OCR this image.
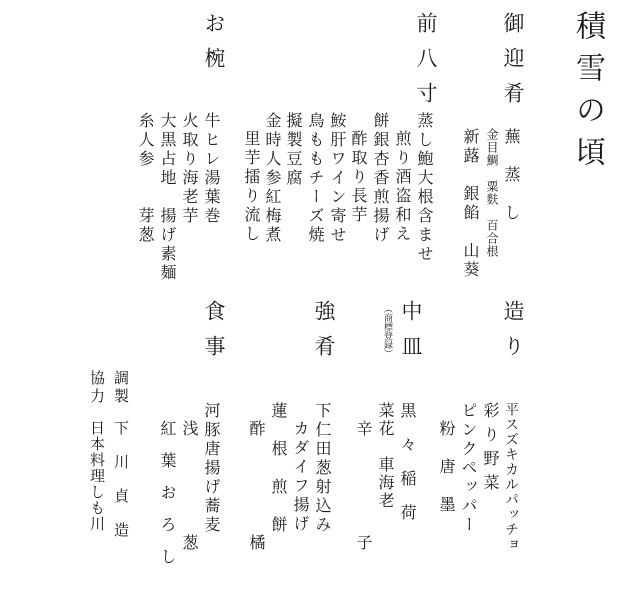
積雪の頃
御迎肴
蕪　蒸　し
金目鯛　粟麩　百合根
新蕗　銀餡　山葵
前八寸
蒸し鮑大根含ませ
煎り酒盗和え
餅銀杏香煎揚げ
酢取り長芋
鮟肝ワイン寄せ
鳥ももチーズ焼
擬製豆腐
金時人参紅梅煮
里芋擂り流し
お椀
牛ヒレ湯葉巻
火取り海老芋
大黒占地　揚げ素麺
糸人参　　芽葱
造り
平スズキカルパッチョ
彩り野菜
ピンクペッパー
粉　唐　墨
中皿
（商標登録）
黒々稲荷
菜花　車海老
辛　　　　　子
強肴
下仁田葱射込み
カダイフ揚げ
蓮　根　煎　餅
酢　　　　　橘
食事
河豚唐揚げ蕎麦
浅　　　　　葱
紅　葉　お　ろ　し
調製
下　川　貞　造
協力
日本料理しも川
